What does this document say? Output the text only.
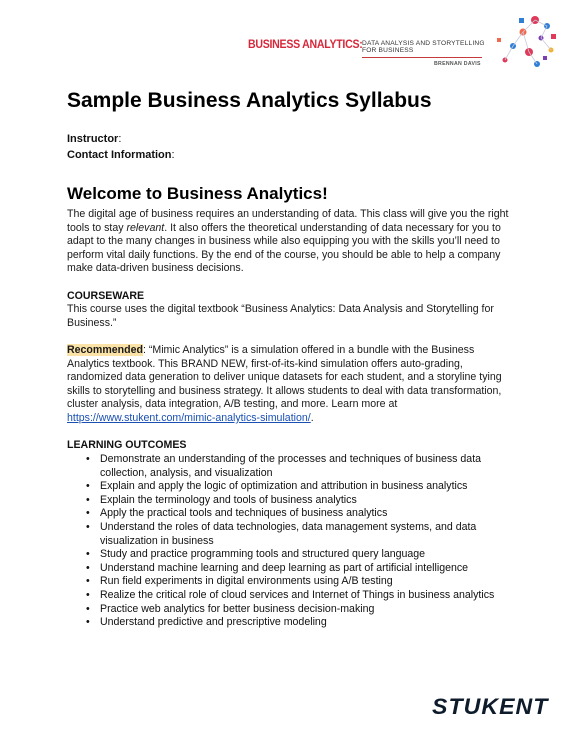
BUSINESS ANALYTICS: DATA ANALYSIS AND STORYTELLING
FOR BUSINESS
BRENNAN DAVIS
Sample Business Analytics Syllabus
Instructor:
Contact Information:
Welcome to Business Analytics!
The digital age of business requires an understanding of data. This class will give you the right tools to stay relevant. It also offers the theoretical understanding of data necessary for you to adapt to the many changes in business while also equipping you with the skills you’ll need to perform vital daily functions. By the end of the course, you should be able to help a company make data-driven business decisions.
COURSEWARE
This course uses the digital textbook “Business Analytics: Data Analysis and Storytelling for Business.”
Recommended: “Mimic Analytics” is a simulation offered in a bundle with the Business Analytics textbook. This BRAND NEW, first-of-its-kind simulation offers auto-grading, randomized data generation to deliver unique datasets for each student, and a storyline tying skills to storytelling and business strategy. It allows students to deal with data transformation, cluster analysis, data integration, A/B testing, and more. Learn more at https://www.stukent.com/mimic-analytics-simulation/.
LEARNING OUTCOMES
• Demonstrate an understanding of the processes and techniques of business data collection, analysis, and visualization
• Explain and apply the logic of optimization and attribution in business analytics
• Explain the terminology and tools of business analytics
• Apply the practical tools and techniques of business analytics
• Understand the roles of data technologies, data management systems, and data visualization in business
• Study and practice programming tools and structured query language
• Understand machine learning and deep learning as part of artificial intelligence
• Run field experiments in digital environments using A/B testing
• Realize the critical role of cloud services and Internet of Things in business analytics
• Practice web analytics for better business decision-making
• Understand predictive and prescriptive modeling
STUKENT
